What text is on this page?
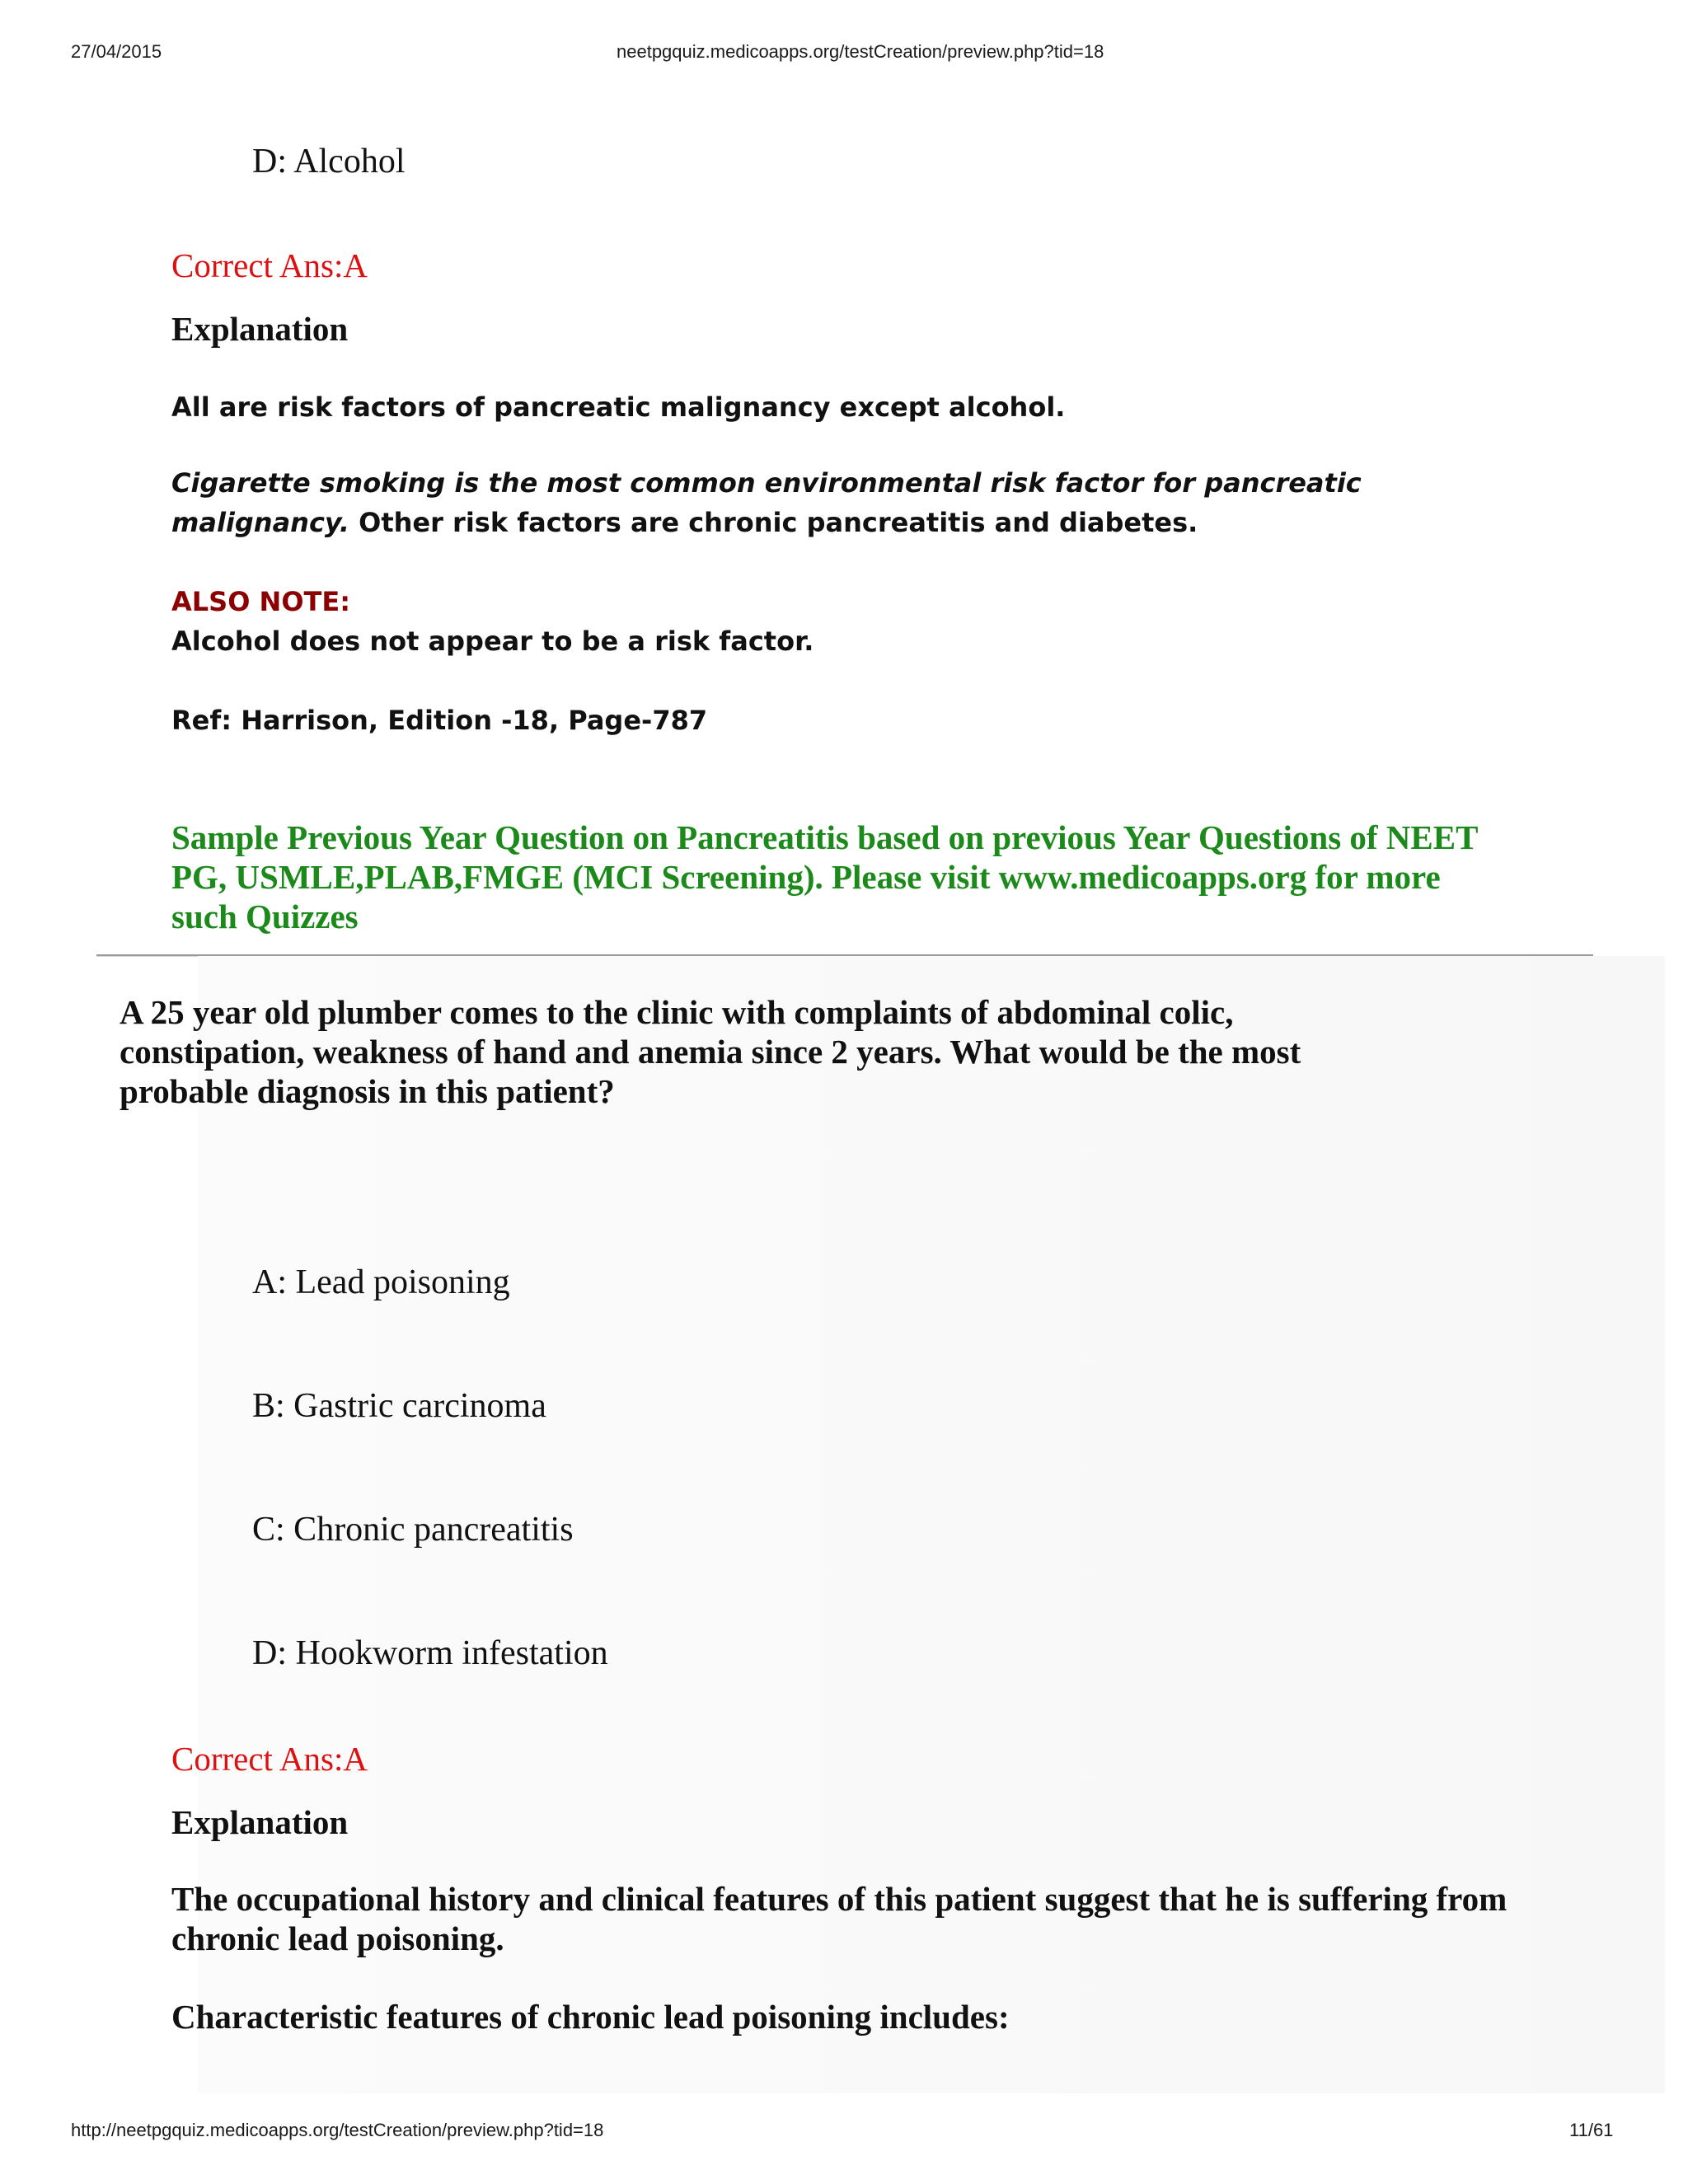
27/04/2015	neetpgquiz.medicoapps.org/testCreation/preview.php?tid=18
D: Alcohol
Correct Ans:A
Explanation
All are risk factors of pancreatic malignancy except alcohol.
Cigarette smoking is the most common environmental risk factor for pancreatic malignancy. Other risk factors are chronic pancreatitis and diabetes.
ALSO NOTE:
Alcohol does not appear to be a risk factor.
Ref: Harrison, Edition -18, Page-787
Sample Previous Year Question on Pancreatitis based on previous Year Questions of NEET PG, USMLE,PLAB,FMGE (MCI Screening). Please visit www.medicoapps.org for more such Quizzes
A 25 year old plumber comes to the clinic with complaints of abdominal colic, constipation, weakness of hand and anemia since 2 years. What would be the most probable diagnosis in this patient?
A: Lead poisoning
B: Gastric carcinoma
C: Chronic pancreatitis
D: Hookworm infestation
Correct Ans:A
Explanation
The occupational history and clinical features of this patient suggest that he is suffering from chronic lead poisoning.
Characteristic features of chronic lead poisoning includes:
http://neetpgquiz.medicoapps.org/testCreation/preview.php?tid=18	11/61
